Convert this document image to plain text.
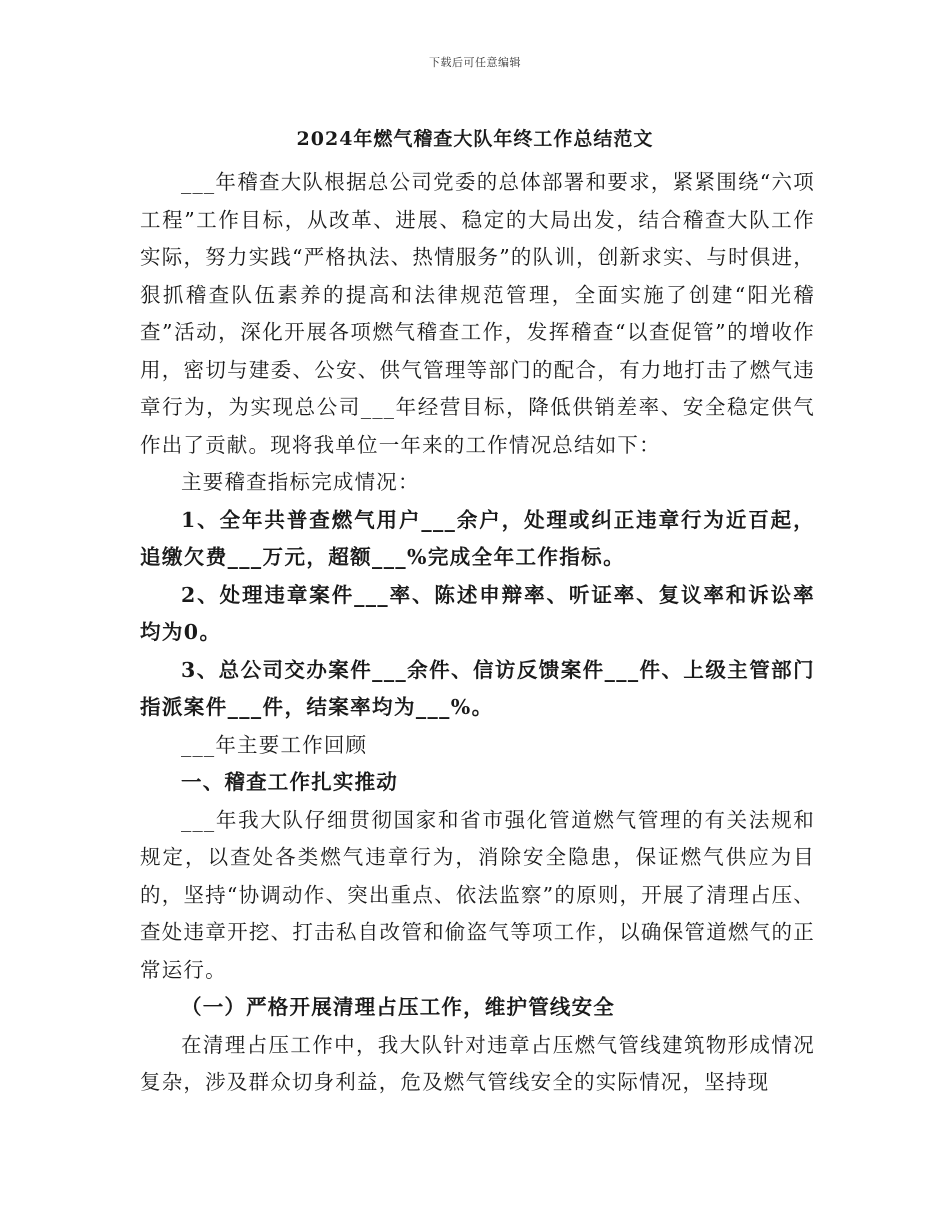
下载后可任意编辑
2024年燃气稽查大队年终工作总结范文

___年稽查大队根据总公司党委的总体部署和要求，紧紧围绕“六项工程”工作目标，从改革、进展、稳定的大局出发，结合稽查大队工作实际，努力实践“严格执法、热情服务”的队训，创新求实、与时俱进，狠抓稽查队伍素养的提高和法律规范管理，全面实施了创建“阳光稽查”活动，深化开展各项燃气稽查工作，发挥稽查“以查促管”的增收作用，密切与建委、公安、供气管理等部门的配合，有力地打击了燃气违章行为，为实现总公司___年经营目标，降低供销差率、安全稳定供气作出了贡献。现将我单位一年来的工作情况总结如下：

主要稽查指标完成情况：

1、全年共普查燃气用户___余户，处理或纠正违章行为近百起，追缴欠费___万元，超额___%完成全年工作指标。

2、处理违章案件___率、陈述申辩率、听证率、复议率和诉讼率均为0。

3、总公司交办案件___余件、信访反馈案件___件、上级主管部门指派案件___件，结案率均为___%。

___年主要工作回顾

一、稽查工作扎实推动

___年我大队仔细贯彻国家和省市强化管道燃气管理的有关法规和规定，以查处各类燃气违章行为，消除安全隐患，保证燃气供应为目的，坚持“协调动作、突出重点、依法监察”的原则，开展了清理占压、查处违章开挖、打击私自改管和偷盗气等项工作，以确保管道燃气的正常运行。

（一）严格开展清理占压工作，维护管线安全

在清理占压工作中，我大队针对违章占压燃气管线建筑物形成情况复杂，涉及群众切身利益，危及燃气管线安全的实际情况，坚持现
